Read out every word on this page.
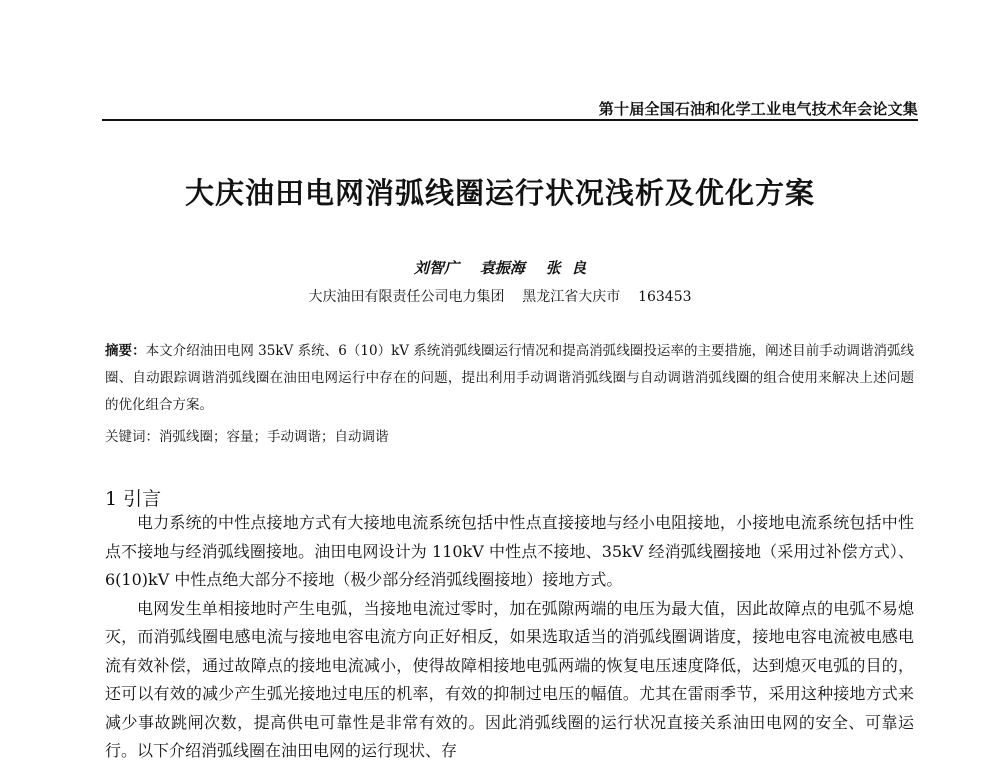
第十届全国石油和化学工业电气技术年会论文集
大庆油田电网消弧线圈运行状况浅析及优化方案
刘智广    袁振海    张  良
大庆油田有限责任公司电力集团    黑龙江省大庆市    163453

摘要：本文介绍油田电网 35kV 系统、6（10）kV 系统消弧线圈运行情况和提高消弧线圈投运率的主要措施，阐述目前手动调谐消弧线圈、自动跟踪调谐消弧线圈在油田电网运行中存在的问题，提出利用手动调谐消弧线圈与自动调谐消弧线圈的组合使用来解决上述问题的优化组合方案。

关键词：消弧线圈；容量；手动调谐；自动调谐

1 引言

电力系统的中性点接地方式有大接地电流系统包括中性点直接接地与经小电阻接地，小接地电流系统包括中性点不接地与经消弧线圈接地。油田电网设计为 110kV 中性点不接地、35kV 经消弧线圈接地（采用过补偿方式）、6(10)kV 中性点绝大部分不接地（极少部分经消弧线圈接地）接地方式。

电网发生单相接地时产生电弧，当接地电流过零时，加在弧隙两端的电压为最大值，因此故障点的电弧不易熄灭，而消弧线圈电感电流与接地电容电流方向正好相反，如果选取适当的消弧线圈调谐度，接地电容电流被电感电流有效补偿，通过故障点的接地电流减小，使得故障相接地电弧两端的恢复电压速度降低，达到熄灭电弧的目的，还可以有效的减少产生弧光接地过电压的机率，有效的抑制过电压的幅值。尤其在雷雨季节，采用这种接地方式来减少事故跳闸次数，提高供电可靠性是非常有效的。因此消弧线圈的运行状况直接关系油田电网的安全、可靠运行。以下介绍消弧线圈在油田电网的运行现状、存
